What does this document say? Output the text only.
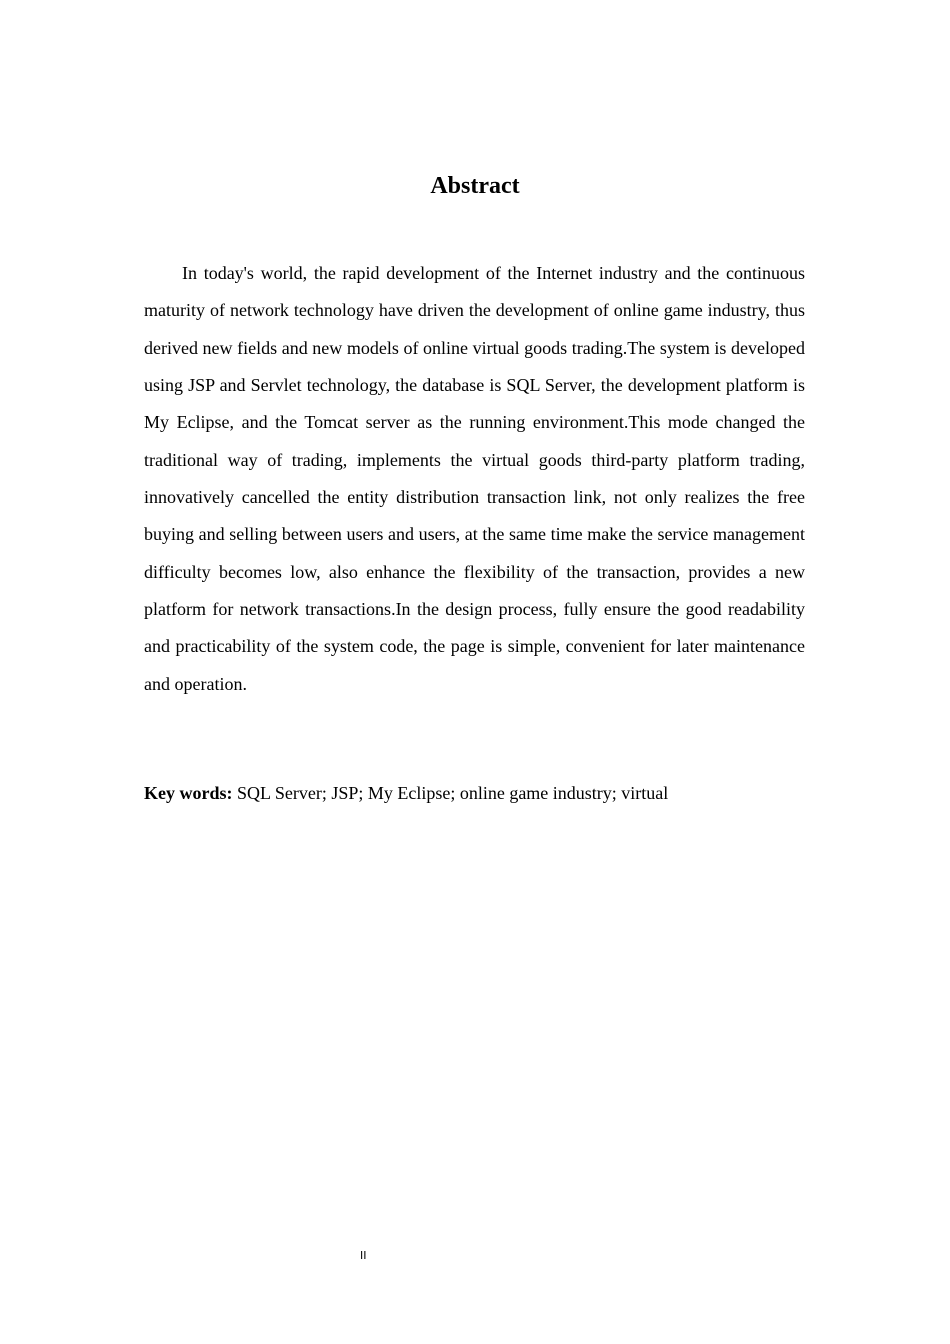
Abstract

In today's world, the rapid development of the Internet industry and the continuous maturity of network technology have driven the development of online game industry, thus derived new fields and new models of online virtual goods trading.The system is developed using JSP and Servlet technology, the database is SQL Server, the development platform is My Eclipse, and the Tomcat server as the running environment.This mode changed the traditional way of trading, implements the virtual goods third-party platform trading, innovatively cancelled the entity distribution transaction link, not only realizes the free buying and selling between users and users, at the same time make the service management difficulty becomes low, also enhance the flexibility of the transaction, provides a new platform for network transactions.In the design process, fully ensure the good readability and practicability of the system code, the page is simple, convenient for later maintenance and operation.

Key words: SQL Server; JSP; My Eclipse; online game industry; virtual

II
